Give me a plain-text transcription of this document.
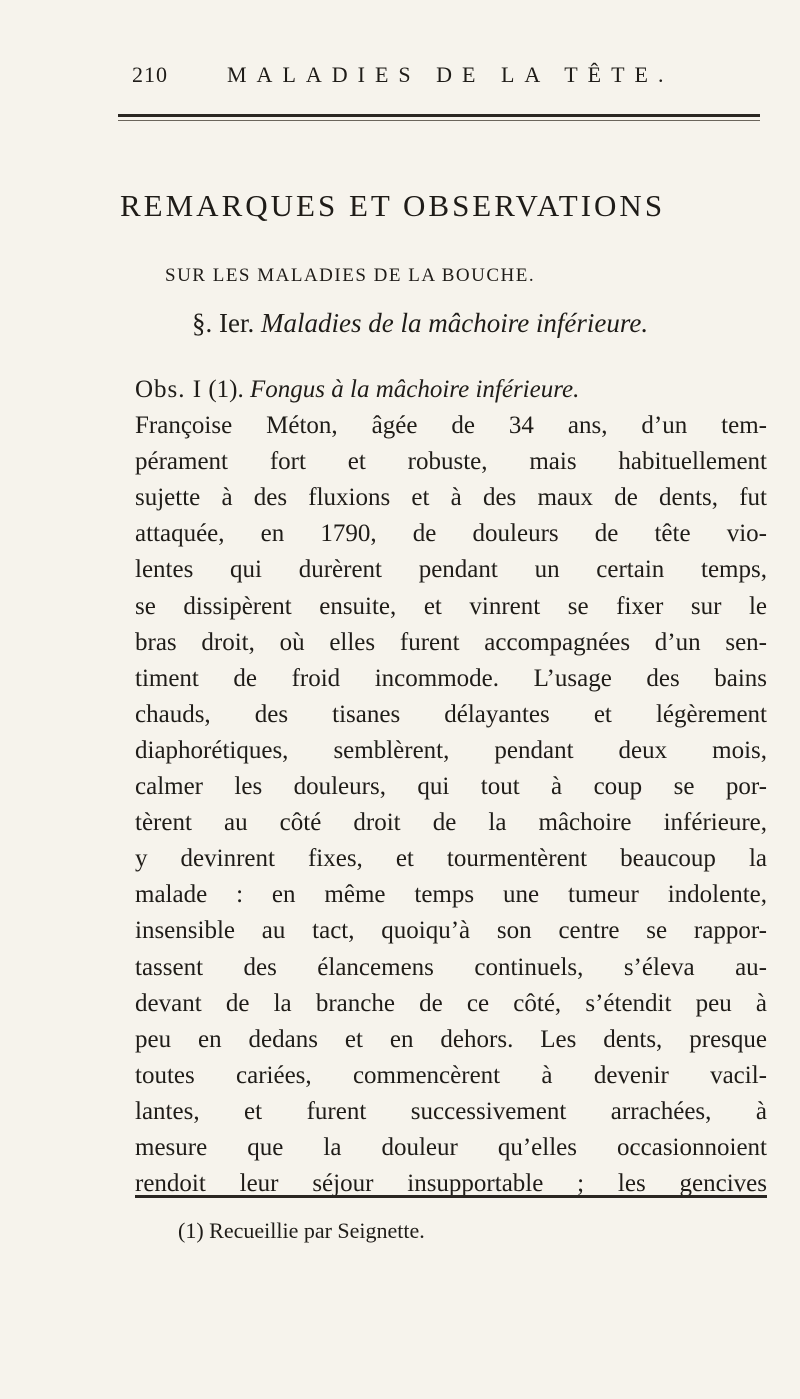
210	MALADIES DE LA TÊTE.
REMARQUES ET OBSERVATIONS
SUR LES MALADIES DE LA BOUCHE.
§. Ier. Maladies de la mâchoire inférieure.
Obs. I (1). Fongus à la mâchoire inférieure.
Françoise Méton, âgée de 34 ans, d’un tem-
pérament fort et robuste, mais habituellement
sujette à des fluxions et à des maux de dents, fut
attaquée, en 1790, de douleurs de tête vio-
lentes qui durèrent pendant un certain temps,
se dissipèrent ensuite, et vinrent se fixer sur le
bras droit, où elles furent accompagnées d’un sen-
timent de froid incommode. L’usage des bains
chauds, des tisanes délayantes et légèrement
diaphorétiques, semblèrent, pendant deux mois,
calmer les douleurs, qui tout à coup se por-
tèrent au côté droit de la mâchoire inférieure,
y devinrent fixes, et tourmentèrent beaucoup la
malade : en même temps une tumeur indolente,
insensible au tact, quoiqu’à son centre se rappor-
tassent des élancemens continuels, s’éleva au-
devant de la branche de ce côté, s’étendit peu à
peu en dedans et en dehors. Les dents, presque
toutes cariées, commencèrent à devenir vacil-
lantes, et furent successivement arrachées, à
mesure que la douleur qu’elles occasionnoient
rendoit leur séjour insupportable ; les gencives
(1) Recueillie par Seignette.
